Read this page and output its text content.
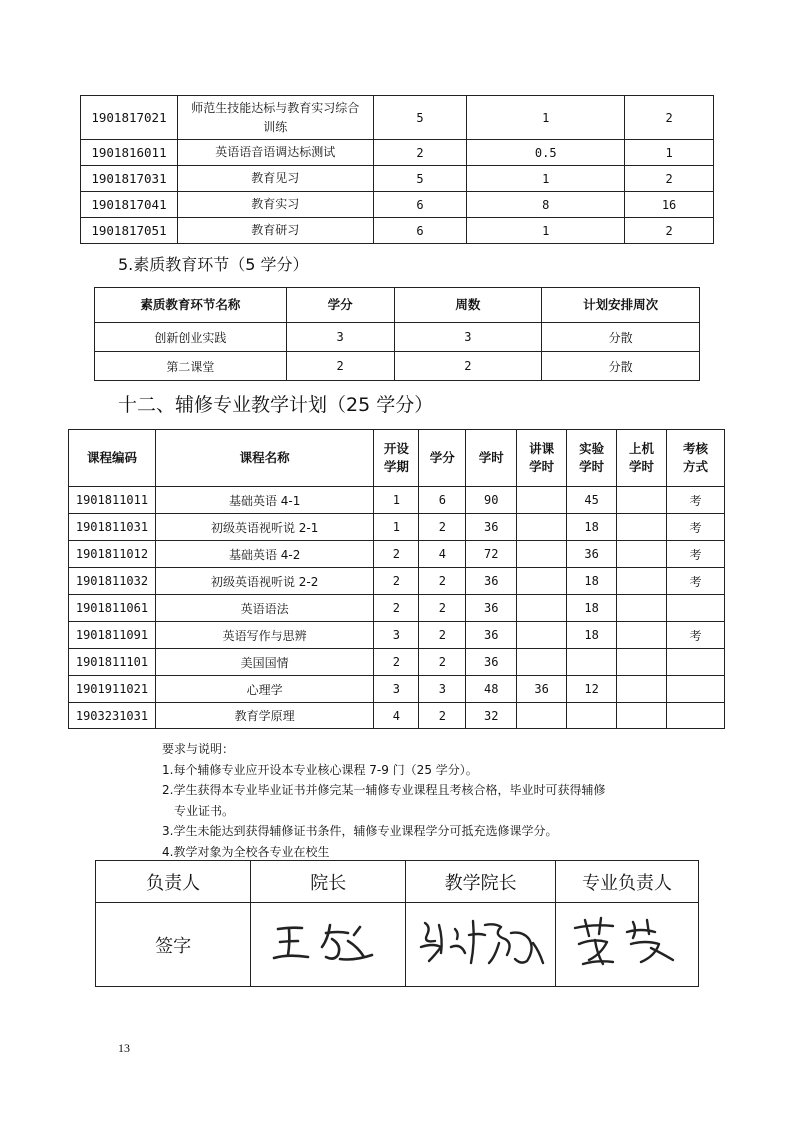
1901817021	师范生技能达标与教育实习综合训练	5	1	2
1901816011	英语语音语调达标测试	2	0.5	1
1901817031	教育见习	5	1	2
1901817041	教育实习	6	8	16
1901817051	教育研习	6	1	2
5.素质教育环节（5 学分）
素质教育环节名称	学分	周数	计划安排周次
创新创业实践	3	3	分散
第二课堂	2	2	分散
十二、辅修专业教学计划（25 学分）
课程编码	课程名称	开设学期	学分	学时	讲课学时	实验学时	上机学时	考核方式
1901811011	基础英语 4-1	1	6	90		45		考
1901811031	初级英语视听说 2-1	1	2	36		18		考
1901811012	基础英语 4-2	2	4	72		36		考
1901811032	初级英语视听说 2-2	2	2	36		18		考
1901811061	英语语法	2	2	36		18		
1901811091	英语写作与思辨	3	2	36		18		考
1901811101	美国国情	2	2	36				
1901911021	心理学	3	3	48	36	12		
1903231031	教育学原理	4	2	32				
要求与说明：
1.每个辅修专业应开设本专业核心课程 7-9 门（25 学分）。
2.学生获得本专业毕业证书并修完某一辅修专业课程且考核合格，毕业时可获得辅修
专业证书。
3.学生未能达到获得辅修证书条件，辅修专业课程学分可抵充选修课学分。
4.教学对象为全校各专业在校生
负责人	院长	教学院长	专业负责人
签字			
13
